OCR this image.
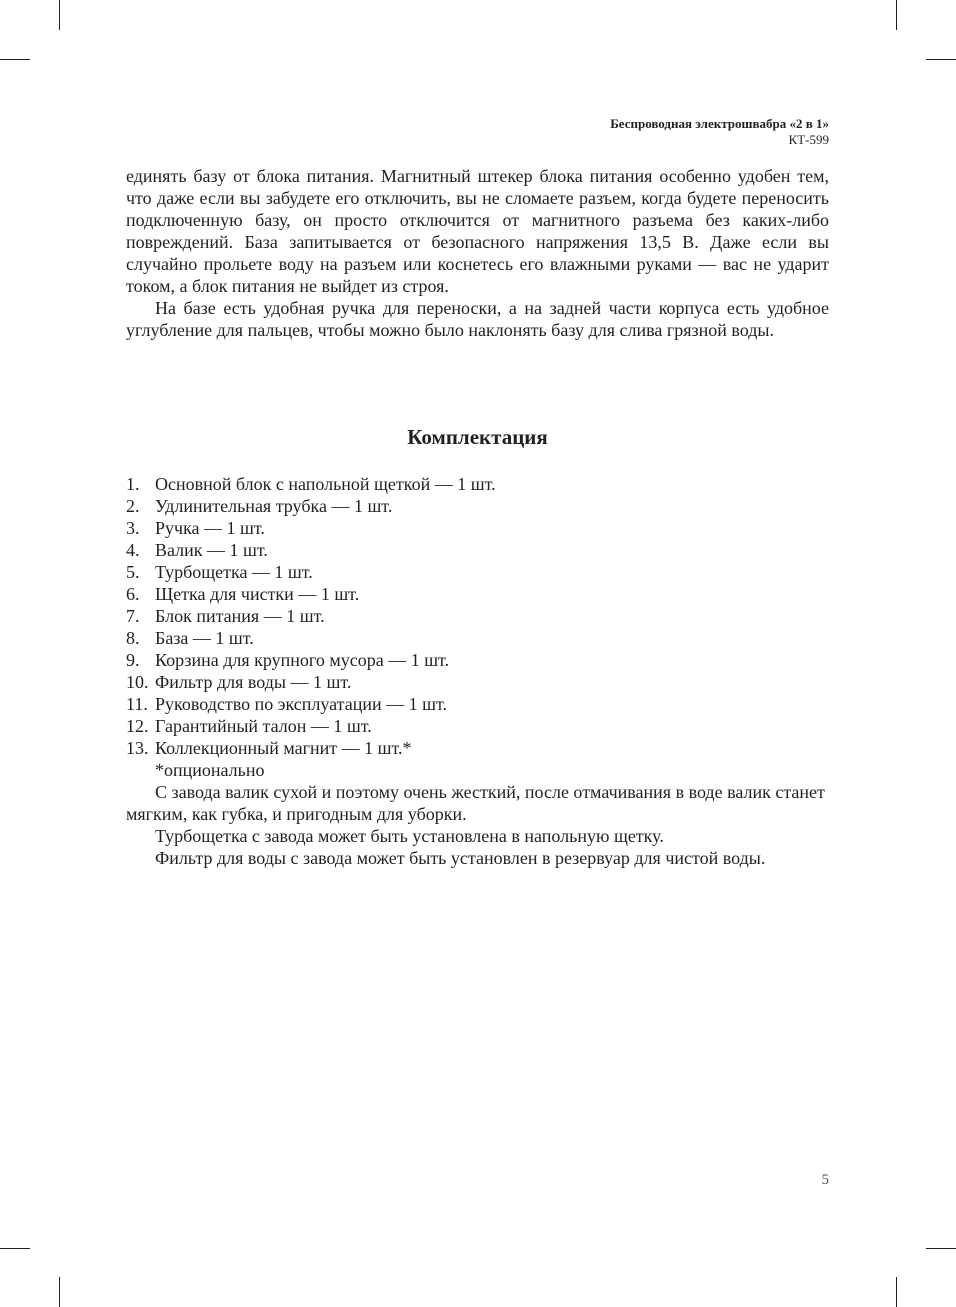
Беспроводная электрошвабра «2 в 1»
КТ-599

единять базу от блока питания. Магнитный штекер блока питания особенно удобен тем, что даже если вы забудете его отключить, вы не сломаете разъем, когда будете переносить подключенную базу, он просто отключится от магнитного разъема без каких-либо повреждений. База запитывается от безопасного напряжения 13,5 В. Даже если вы случайно прольете воду на разъем или коснетесь его влажными руками — вас не ударит током, а блок питания не выйдет из строя.

На базе есть удобная ручка для переноски, а на задней части корпуса есть удобное углубление для пальцев, чтобы можно было наклонять базу для слива грязной воды.

Комплектация
1. Основной блок с напольной щеткой — 1 шт.
2. Удлинительная трубка — 1 шт.
3. Ручка — 1 шт.
4. Валик — 1 шт.
5. Турбощетка — 1 шт.
6. Щетка для чистки — 1 шт.
7. Блок питания — 1 шт.
8. База — 1 шт.
9. Корзина для крупного мусора — 1 шт.
10. Фильтр для воды — 1 шт.
11. Руководство по эксплуатации — 1 шт.
12. Гарантийный талон — 1 шт.
13. Коллекционный магнит — 1 шт.*

*опционально

С завода валик сухой и поэтому очень жесткий, после отмачивания в воде валик станет мягким, как губка, и пригодным для уборки.

Турбощетка с завода может быть установлена в напольную щетку.

Фильтр для воды с завода может быть установлен в резервуар для чистой воды.

5
